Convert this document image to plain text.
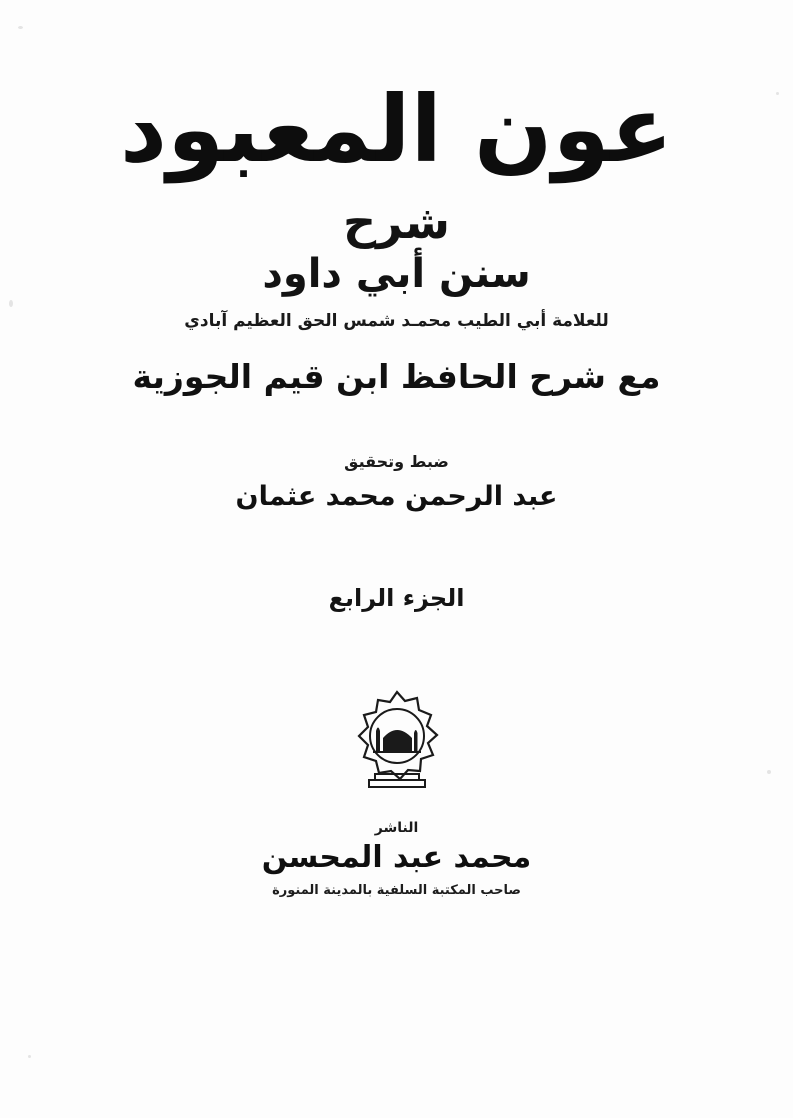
عون المعبود
شرح
سنن أبي داود
للعلامة أبي الطيب محمـد شمس الحق العظيم آبادي
مع شرح الحافظ ابن قيم الجوزية
ضبط وتحقيق
عبد الرحمن محمد عثمان
الجزء الرابع
الناشر
محمد عبد المحسن
صاحب المكتبة السلفية بالمدينة المنورة
